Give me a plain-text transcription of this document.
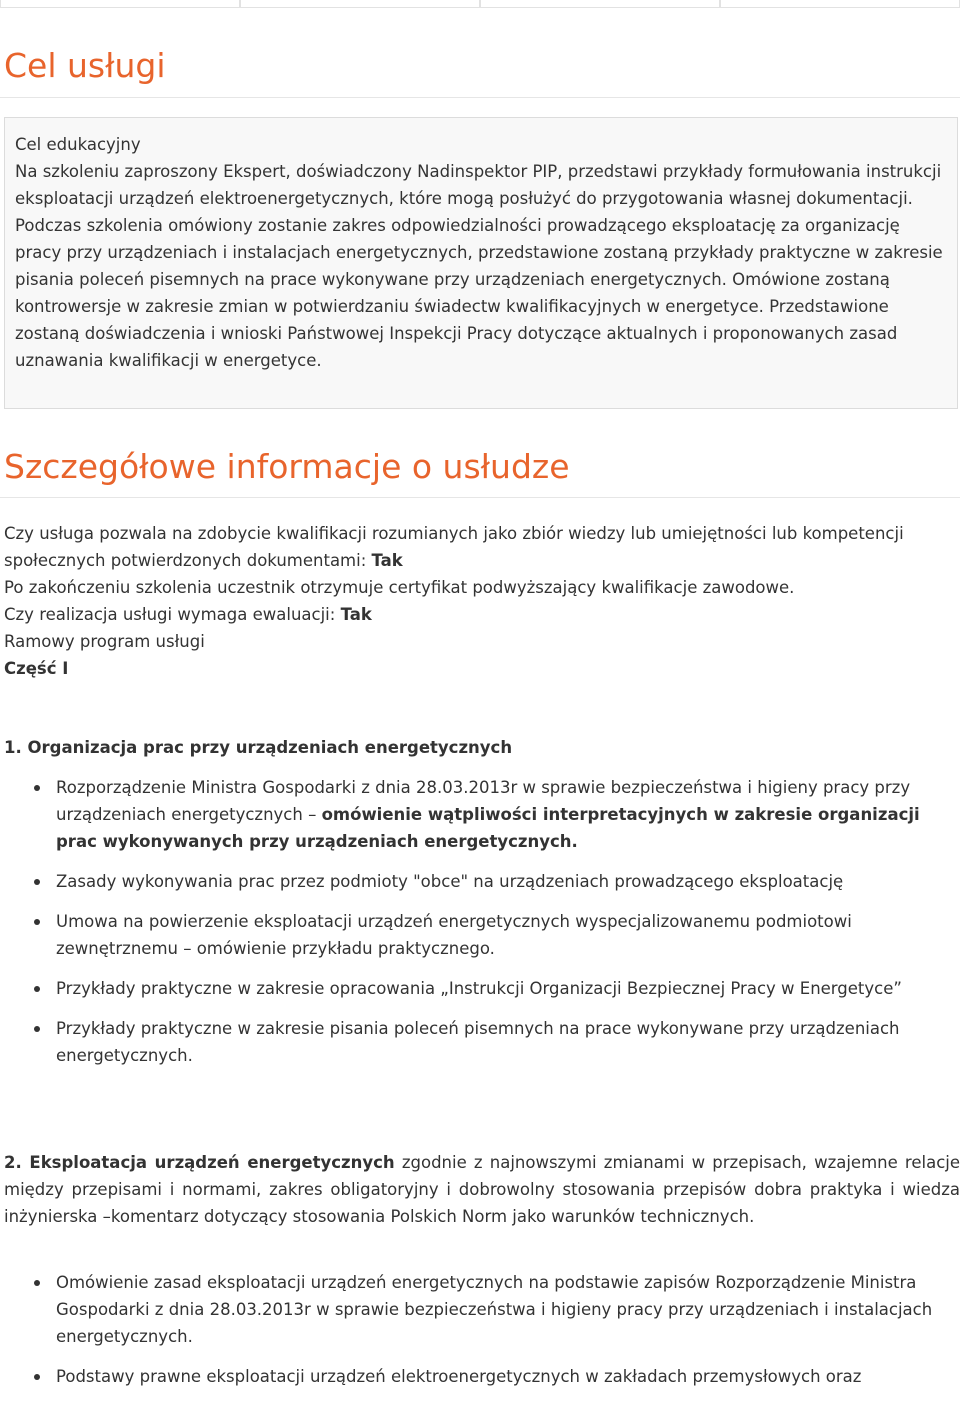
Cel usługi

Cel edukacyjny

Na szkoleniu zaproszony Ekspert, doświadczony Nadinspektor PIP, przedstawi przykłady formułowania instrukcji eksploatacji urządzeń elektroenergetycznych, które mogą posłużyć do przygotowania własnej dokumentacji. Podczas szkolenia omówiony zostanie zakres odpowiedzialności prowadzącego eksploatację za organizację pracy przy urządzeniach i instalacjach energetycznych, przedstawione zostaną przykłady praktyczne w zakresie pisania poleceń pisemnych na prace wykonywane przy urządzeniach energetycznych. Omówione zostaną kontrowersje w zakresie zmian w potwierdzaniu świadectw kwalifikacyjnych w energetyce. Przedstawione zostaną doświadczenia i wnioski Państwowej Inspekcji Pracy dotyczące aktualnych i proponowanych zasad uznawania kwalifikacji w energetyce.

Szczegółowe informacje o usłudze

Czy usługa pozwala na zdobycie kwalifikacji rozumianych jako zbiór wiedzy lub umiejętności lub kompetencji społecznych potwierdzonych dokumentami: Tak

Po zakończeniu szkolenia uczestnik otrzymuje certyfikat podwyższający kwalifikacje zawodowe.

Czy realizacja usługi wymaga ewaluacji: Tak

Ramowy program usługi

Część I

1. Organizacja prac przy urządzeniach energetycznych
Rozporządzenie Ministra Gospodarki z dnia 28.03.2013r w sprawie bezpieczeństwa i higieny pracy przy urządzeniach energetycznych – omówienie wątpliwości interpretacyjnych w zakresie organizacji prac wykonywanych przy urządzeniach energetycznych.
Zasady wykonywania prac przez podmioty "obce" na urządzeniach prowadzącego eksploatację
Umowa na powierzenie eksploatacji urządzeń energetycznych wyspecjalizowanemu podmiotowi zewnętrznemu – omówienie przykładu praktycznego.
Przykłady praktyczne w zakresie opracowania „Instrukcji Organizacji Bezpiecznej Pracy w Energetyce”
Przykłady praktyczne w zakresie pisania poleceń pisemnych na prace wykonywane przy urządzeniach energetycznych.

2. Eksploatacja urządzeń energetycznych zgodnie z najnowszymi zmianami w przepisach, wzajemne relacje między przepisami i normami, zakres obligatoryjny i dobrowolny stosowania przepisów dobra praktyka i wiedza inżynierska –komentarz dotyczący stosowania Polskich Norm jako warunków technicznych.

Omówienie zasad eksploatacji urządzeń energetycznych na podstawie zapisów Rozporządzenie Ministra Gospodarki z dnia 28.03.2013r w sprawie bezpieczeństwa i higieny pracy przy urządzeniach i instalacjach energetycznych.
Podstawy prawne eksploatacji urządzeń elektroenergetycznych w zakładach przemysłowych oraz
